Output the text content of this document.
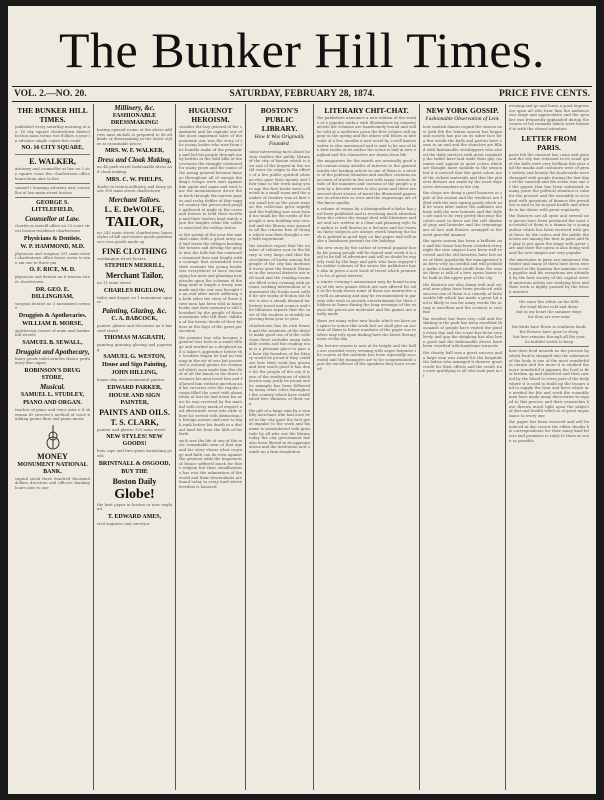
The Bunker Hill Times.
VOL. 2.—NO. 20.	SATURDAY, FEBRUARY 28, 1874.	PRICE FIVE CENTS.
THE BUNKER HILL TIMES.
published every saturday morning at no. 16 city square charlestown district boston mass terms two dollars a year in advance single copies five cents
NO. 16 CITY SQUARE,
E. WALKER,
attorney and counsellor at law no 2 city square room five charlestown office hours from nine to five
samuel t hanning attorney and counsellor at law main street boston
GEORGE S. LITTLEFIELD,
Counsellor at Law.
charles m morrill office no 23 court street boston residence charlestown
Physicians & Dentists.
W. P. HAMMOND, M.D.
physician and surgeon 251 main street charlestown office hours seven to nine am one to three pm
O. F. RICE, M. D.
physician and dentist no 6 warren street charlestown
DR. GEO. E. DILLINGHAM,
surgeon dentist no 3 monument avenue
Druggists & Apothecaries.
WILLIAM B. MORSE,
apothecary corner of main and bunker hill streets
SAMUEL B. SEWALL,
Druggist and Apothecary,
fancy goods toilet articles choice perfumery fine cigars
ROBINSON'S DRUG STORE,
Musical.
SAMUEL L. STUDLEY,
PIANO AND ORGAN.
teacher of piano and voice miss e d sherman dr streeter's method of voice building guitar flute and piano music
MONEY
MONUMENT NATIONAL BANK.
capital stock three hundred thousand dollars directors and officers banking hours nine to one
Millinery, &c.
FASHIONABLE DRESSMAKING!
having opened rooms at the above address miss nichols is prepared to do all kinds of dressmaking in the latest styles at reasonable prices
MRS. W. F. WALKER,
Dress and Cloak Making,
no 44 park street fashionable dress and cloak making
MRS. C. W. PHELPS,
dealer in french millinery and fancy goods 390 main street charlestown
Merchant Tailors.
L. E. DeWOLFE,
TAILOR,
no 243 main street charlestown latest styles of fall and winter goods gentlemen's own goods made up
FINE CLOTHING
washington street boston
STEPHEN MERRILL,
Merchant Tailor,
no 11 main street
CHARLES BIGELOW,
tailor and draper no 1 monument square
Painting, Glazing, &c.
C. A. BABCOCK,
painter glazier and decorator no 6 harvard street
THOMAS MAGRATH,
painting graining glazing and papering
SAMUEL G. WESTON,
House and Sign Painting,
JOHN HILLING,
house ship and ornamental painter
EDWARD PARKER,
HOUSE AND SIGN PAINTER,
PAINTS AND OILS.
T. S. CLARK,
painter and glazier 320 main street
NEW STYLES! NEW GOODS!
hats caps and furs gents furnishing goods
BRINTNALL & OSGOOD,
BUY THE
Boston Daily
Globe!
the best paper in boston or new england
T. EDWARD AMES,
civil engineer and surveyor
HUGUENOT HEROISM.
cavalier the boy general of the camisards and his exploits one of the most important tales of the mountain war was the story of the young leader who rose from the humble ranks of the peasantry and led his people through many battles in the wild hills of the cevennes the struggle continued for many years and the name of the young general became famous throughout all of europe the king's troops were sent against him again and again and each time the mountaineers drove them back through the narrow passes and rocky defiles of that rugged country the persecuted people gathered at night in the caves and forests to hold their worship and their leaders kept watch upon the heights while the soldiers searched the valleys below
in the spring of the year the marshal came with a great army and laid waste the villages burning the houses and driving the people into the hills but the camisards remained firm and fought with a courage that astonished even their enemies the young leader was everywhere at once encouraging his men and planning new attacks upon the columns of the king until at length a treaty was made and the war was brought to an end after much suffering on both sides the story of these brave men has been told in many books and their memory is still cherished by the people of those mountains who tell their children of the heroic deeds of their fathers in the days of the great persecution
the peasant boy who became a general was born in a small village and worked as a shepherd and a baker's apprentice before the troubles began he had no training in the art of war but possessed a natural genius for command which soon made him the chief of all the bands in the lower cevennes his men loved him and followed him without question and his victories over the regular troops filled the court with alarm when at last he laid down his arms he was received by the marshal with every mark of respect and afterwards went into exile where he served with distinction in foreign armies and rose to high rank before his death in a distant land far from the hills of his birth
such was the life of one of the most remarkable men of that age and his story shows what courage and faith can do even against the greatest odds the huguenots of france suffered much for their religion but their steadfastness has won the admiration of the world and their descendants are found today in every land where freedom is honored
BOSTON'S PUBLIC LIBRARY.
How It Was Originally Founded.
some interesting facts about boston readers the public library of the city of boston which is now one of the largest in the world owes its origin to the efforts of a few public spirited citizens who gave their money and their time to the work many years ago the first books were collected in a small room and the number of readers was at first very small but as the years went on the collection grew rapidly and the building was soon found too small for the needs of the people a new building was erected and the library was opened to all the citizens free of charge which was then thought a very bold experiment
the trustees report that the number of volumes now in the library is very large and that the circulation of books among the people of the city has increased every year the branch libraries in the several districts are well used and the reading rooms are filled every evening with persons seeking information or amusement the books most called for are works of fiction but there is also a steady demand for history travel and science and the librarian reports that the taste of the readers is steadily improving from year to year
charlestown has its own branch and the residents of the district make good use of it the collection there includes many valuable works and the reading room is a pleasant place to pass an hour the founders of the library would be proud if they could see how their work has grown and how much good it has done for the people of the city it is one of the institutions of which boston may justly be proud and its example has been followed by many other cities throughout the country which have established free libraries of their own
the gift of a large sum by a wealthy merchant who had once lived in the city gave the first great impulse to the work and his name is remembered with gratitude by all who use the library today the city government has also been liberal in its appropriations and the institution now stands on a firm foundation
LITERARY CHIT-CHAT.
the publishers announce a new edition of the works of a popular author with illustrations by eminent artists the volumes are handsomely bound and will be sold at a moderate price the first volume will appear in the spring and the others will follow at intervals of a few months a new novel by a well known writer is also announced and is said to be one of the best works of its author the scene is laid in new england and the characters are drawn from life
the magazines for the month are unusually good and contain many articles of interest to the general reader the leading article in one of them is a review of the political situation and another contains an account of travels in the east with many curious details of the manners and customs of the people a poem by a favorite writer is also given and there are several short stories of merit the illustrated papers are as attractive as ever and the engravings are of the finest quality
a volume of essays by a distinguished scholar has just been published and is receiving much attention from the critics the essays deal with literature and art and are written in a clear and pleasing style the author is well known as a lecturer and his views on these subjects are always worth hearing the book is printed in good type on fine paper and will make a handsome present for the holidays
the new story by the author of several popular books for young people will be issued next week it is said to be full of adventure and will no doubt be eagerly read by the boys and girls who have enjoyed the earlier volumes of the series the publishers have also in press a new book of travel which promises to be of great interest
a winter evening's amusement may be found in many of the new games which are now offered for sale at the book stores some of these are instructive as well as amusing and may be recommended to parents who wish to provide entertainment for their children at home during the long evenings of the season the prices are moderate and the games are neatly made
there are many other new books which we have not space to notice this week but we shall give an account of them in future numbers of the paper our readers may rely upon finding here the latest literary news of the day
the lecture season is now at its height and the halls are crowded every evening with eager listeners the course at the institute has been especially successful and the managers are to be congratulated upon the excellence of the speakers they have secured
NEW YORK GOSSIP.
Fashionable Observation of Lent.
how modish dames regard the season new york feb the lenten season has begun and society has put on its sober face for a few weeks the balls and parties have come to an end and the churches are filled with fashionable worshippers who attend the daily services with great regularity the ladies have laid aside their gay costumes and appear in quiet colors which are thought more suitable to the season but it is noticed that the quiet colors are of the richest materials and that the plainest dresses are made by the most expensive dressmakers in the city
the shops are doing a good business in spite of the season and the windows are filled with the new spring goods which will be worn after easter the milliners are busy with the new bonnets and the styles are said to be very pretty this year the colors most in favor are the soft shades of gray and lavender and the trimmings are of lace and flowers arranged in the most graceful manner
the opera season has been a brilliant one and the house has been crowded every night the new singers have been well received and the old favorites have lost none of their popularity the management has been very successful and will probably make a handsome profit from the season there is talk of a new opera house to be built in the upper part of the city
the theatres are also doing well and several new plays have been produced with success one of them is a comedy of fashionable life which has made a great hit and is likely to run for many weeks the acting is excellent and the scenery is very fine
the weather has been very cold and the skating in the park has been excellent thousands of people have visited the ponds every day and the scene has been very lively and gay the sleighing has also been good and the fashionable drives have been crowded with handsome turnouts
the charity ball was a great success and a large sum was raised for the hospitals the ladies who managed it deserve great credit for their efforts and the result was most gratifying to all who took part in it
evening and go and leave a good impression upon all who hear him the audience was large and appreciative and the speaker was frequently applauded during the course of his remarks which were listened to with the closest attention
LETTER FROM PARIS.
paris feb the carnival has come and gone and the city has returned to its usual quiet the balls were very brilliant this year and the masks and costumes were of great variety and beauty the boulevards were thronged with people during the last days of the carnival and the scene was one of the gayest that has been witnessed in many years the political situation is calm for the present and the assembly is occupied with questions of finance the president is said to be in good health and attends to his duties with great regularity
the theatres are all open and several new pieces have been produced the most successful of them is a drama by a young author which has been received with great favor by the critics and the public the actors are among the best in paris and the play is put upon the stage with great care and taste the opera is also doing well and the new singers are very popular
the americans in paris are numerous this winter and many of them have been entertained at the legation the minister is very popular and his receptions are attended by the best society of the capital several american artists are studying here and their work is highly praised by the french masters
the snow lies white on the hills
the wind blows cold and drear
but in my heart the summer stays
for thou art ever near

the birds have flown to southern lands
the flowers have gone to sleep
but love remains through all the year
its faithful watch to keep
how does food nourish us the process by which food is changed into the substance of the body is one of the most wonderful in nature and the more it is studied the more wonderful it appears the food is first broken up and dissolved and then carried by the blood to every part of the body where it is used to build up the tissues and to supply the heat and force which are needed for life and work the scientific men have made many discoveries in regard to this process and their researches have thrown much light upon the subject of diet and health which is of great importance to every one
the paper has been received and will be noticed in due course the editor thanks his correspondents for their many kind letters and promises to reply to them as soon as possible
